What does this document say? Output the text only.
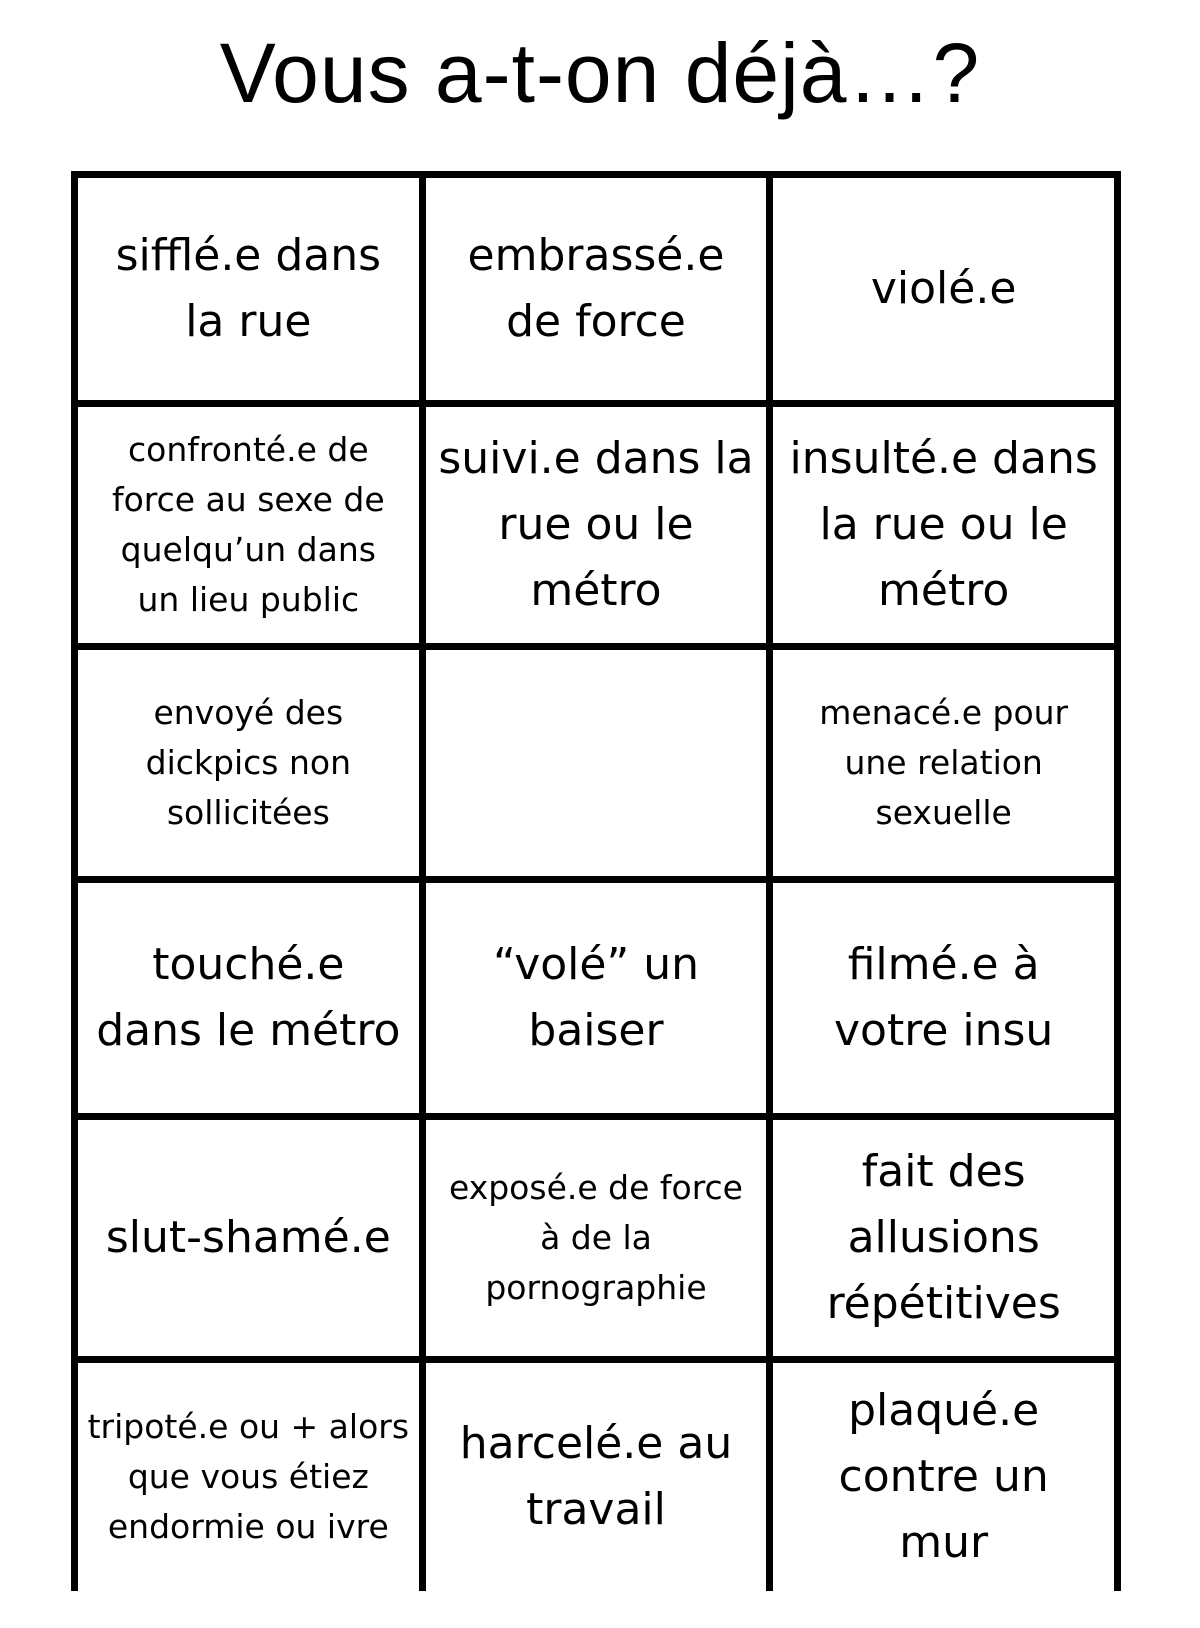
Vous a-t-on déjà…?
sifflé.e dans
la rue
embrassé.e
de force
violé.e
confronté.e de
force au sexe de
quelqu’un dans
un lieu public
suivi.e dans la
rue ou le
métro
insulté.e dans
la rue ou le
métro
envoyé des
dickpics non
sollicitées
menacé.e pour
une relation
sexuelle
touché.e
dans le métro
“volé” un
baiser
filmé.e à
votre insu
slut-shamé.e
exposé.e de force
à de la
pornographie
fait des
allusions
répétitives
tripoté.e ou + alors
que vous étiez
endormie ou ivre
harcelé.e au
travail
plaqué.e
contre un
mur
